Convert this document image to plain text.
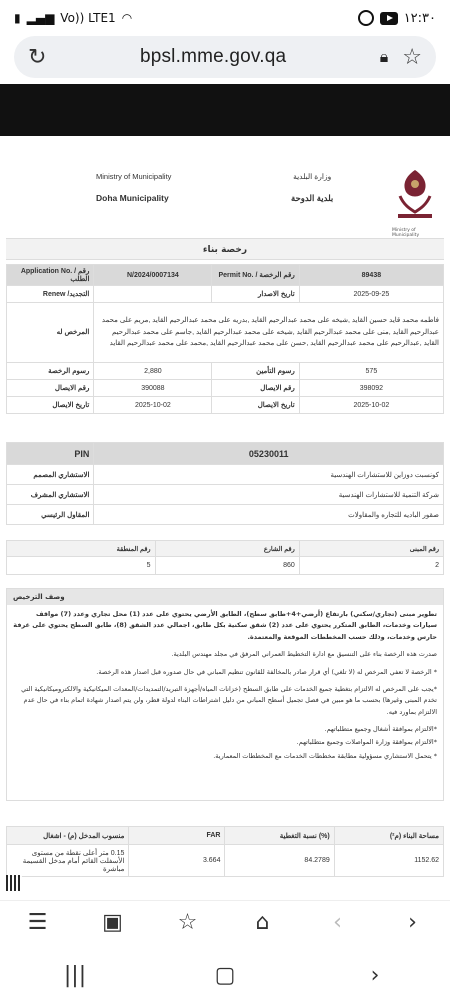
▮ ▂▄▆ Vo)) LTE1 ◠	١٢:٣٠
↻	bpsl.mme.gov.qa	🔒︎ ☆
Ministry of Municipality
Doha Municipality
وزارة البلدية
بلدية الدوحة
Ministry of Municipality
رخصة بناء
Application No. / رقم الطلب	N/2024/0007134	Permit No. / رقم الرخصة	89438
Renew /التجديد		تاريخ الاصدار	2025-09-25
المرخص له	فاطمه محمد قايد حسين القايد ,شيخه على محمد عبدالرحيم القايد ,بدريه على محمد عبدالرحيم القايد ,مريم على محمد عبدالرحيم القايد ,منى على محمد عبدالرحيم القايد ,شيخه على محمد عبدالرحيم القايد ,جاسم على محمد عبدالرحيم القايد ,عبدالرحيم على محمد عبدالرحيم القايد ,حسن على محمد عبدالرحيم القايد ,محمد على محمد عبدالرحيم القايد		
رسوم الرخصة	2,880	رسوم التأمين	575
رقم الايصال	390088	رقم الايصال	398092
تاريخ الايصال	2025-10-02	تاريخ الايصال	2025-10-02
PIN	05230011
الاستشاري المصمم	كونسبت دوزاين للاستشارات الهندسية
الاستشاري المشرف	شركة التنمية للاستشارات الهندسية
المقاول الرئيسي	صقور الباديه للتجاره والمقاولات
رقم المنطقة	رقم الشارع	رقم المبنى
5	860	2
وصف الترخيص

تطوير مبنى (تجاري/سكني) بارتفاع (أرضي+4+طابق سطح)، الطابق الأرضي يحتوي على عدد (1) محل تجاري وعدد (7) مواقف سيارات وخدمات، الطابق المتكرر يحتوي على عدد (2) شقق سكنية بكل طابق، اجمالي عدد الشقق (8)، طابق السطح يحتوي على غرفة حارس وخدمات، وذلك حسب المخططات الموقعة والمعتمدة.

صدرت هذه الرخصة بناء على التنسيق مع ادارة التخطيط العمراني المرفق في مجلد مهندس البلدية.

* الرخصة لا تعفي المرخص له (لا تلغي) أي قرار صادر بالمخالفة للقانون تنظيم المباني في حال صدوره قبل اصدار هذه الرخصة.

*يجب على المرخص له الالتزام بتغطية جميع الخدمات على طابق السطح (خزانات المياه/أجهزة التبريد/التمديدات/المعدات الميكانيكية والالكتروميكانيكية التي تخدم المبنى وغيرها) بحسب ما هو مبين في فصل تجميل أسطح المباني من دليل اشتراطات البناء لدولة قطر، ولن يتم اصدار شهادة اتمام بناء في حال عدم الالتزام بماورد فيه.

*الالتزام بموافقة أشغال وجميع متطلباتهم.

*الالتزام بموافقة وزارة المواصلات وجميع متطلباتهم.

* يتحمل الاستشاري مسؤولية مطابقة مخططات الخدمات مع المخططات المعمارية.

منسوب المدخل (م) - اشغال	FAR	نسبة التغطية (%)	مساحة البناء (م²)
0.15 متر أعلى نقطة من مستوى الأسفلت القائم أمام مدخل القسيمة مباشرة	3.664	84.2789	1152.62
☰	▣	☆	⌂	‹	›
|||	▢	›
